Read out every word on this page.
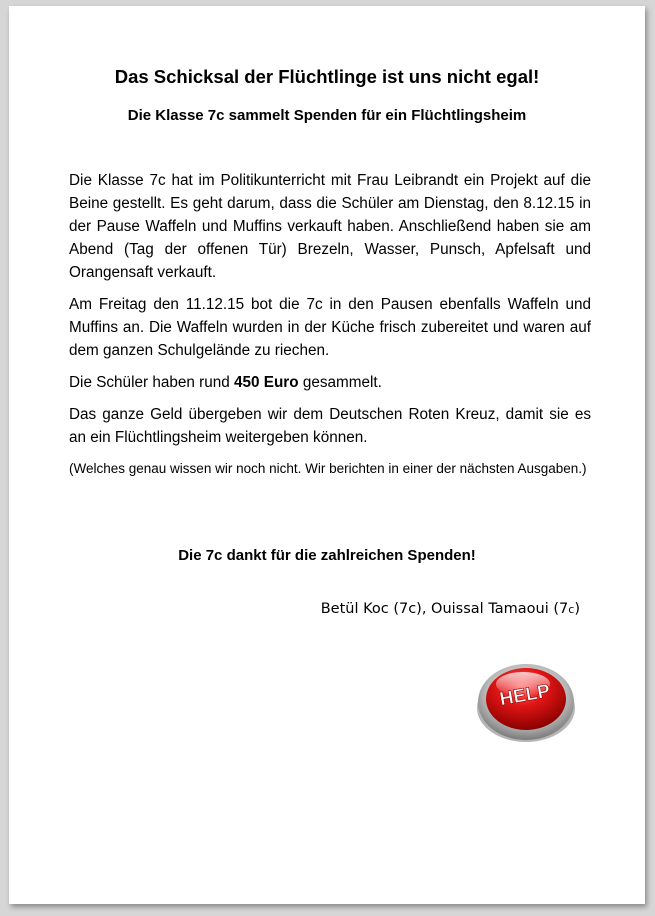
Das Schicksal der Flüchtlinge ist uns nicht egal!
Die Klasse 7c sammelt Spenden für ein Flüchtlingsheim

Die Klasse 7c hat im Politikunterricht mit Frau Leibrandt ein Projekt auf die Beine gestellt. Es geht darum, dass die Schüler am Dienstag, den 8.12.15 in der Pause Waffeln und Muffins verkauft haben. Anschließend haben sie am Abend (Tag der offenen Tür) Brezeln, Wasser, Punsch, Apfelsaft und Orangensaft verkauft.

Am Freitag den 11.12.15 bot die 7c in den Pausen ebenfalls Waffeln und Muffins an. Die Waffeln wurden in der Küche frisch zubereitet und waren auf dem ganzen Schulgelände zu riechen.

Die Schüler haben rund 450 Euro gesammelt.

Das ganze Geld übergeben wir dem Deutschen Roten Kreuz, damit sie es an ein Flüchtlingsheim weitergeben können.

(Welches genau wissen wir noch nicht. Wir berichten in einer der nächsten Ausgaben.)

Die 7c dankt für die zahlreichen Spenden!
Betül Koc (7c), Ouissal Tamaoui (7c)
HELP
